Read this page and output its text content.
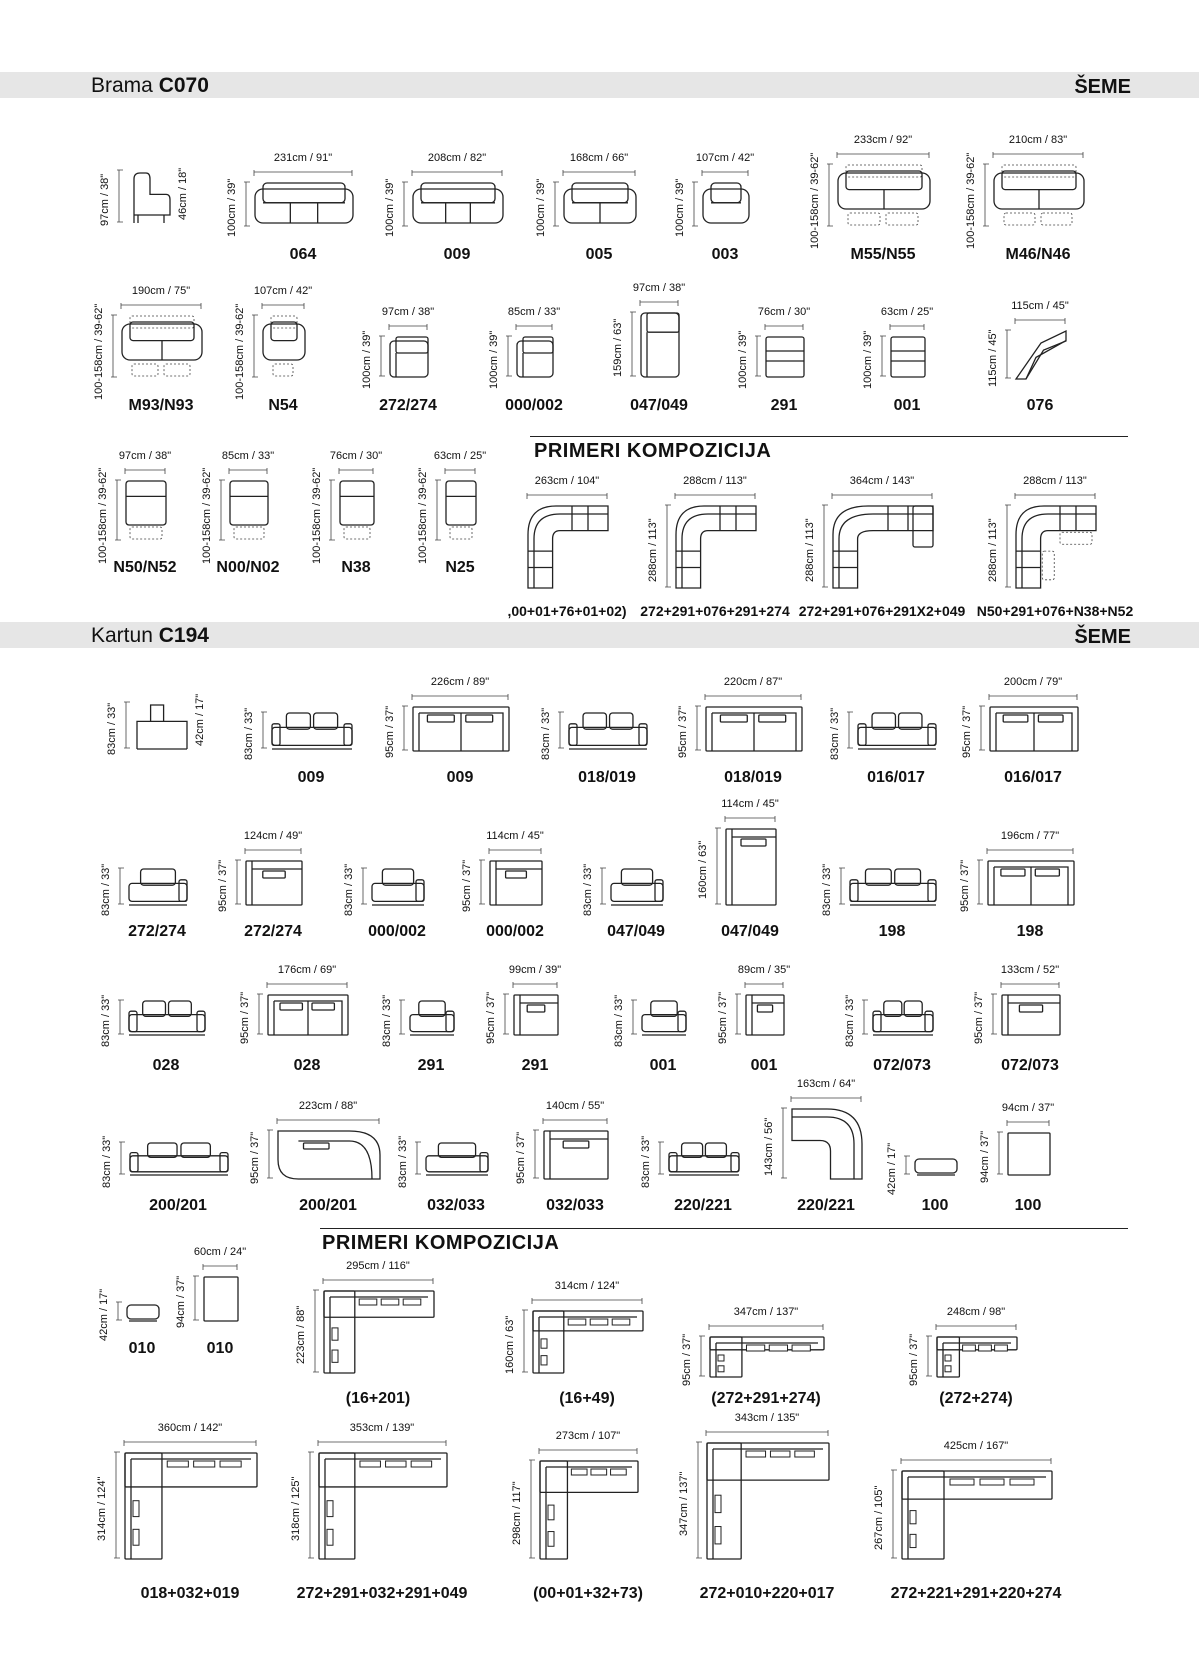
Brama C070	ŠEME
Kartun C194	ŠEME
PRIMERI KOMPOZICIJA
PRIMERI KOMPOZICIJA
97cm / 38"	46cm / 18"
231cm / 91"
100cm / 39"
064
208cm / 82"
100cm / 39"
009
168cm / 66"
100cm / 39"
005
107cm / 42"
100cm / 39"
003
233cm / 92"
100-158cm / 39-62"
M55/N55
210cm / 83"
100-158cm / 39-62"
M46/N46
190cm / 75"
100-158cm / 39-62"
M93/N93
107cm / 42"
100-158cm / 39-62"
N54
97cm / 38"
100cm / 39"
272/274
85cm / 33"
100cm / 39"
000/002
97cm / 38"
159cm / 63"
047/049
76cm / 30"
100cm / 39"
291
63cm / 25"
100cm / 39"
001
115cm / 45"
115cm / 45"
076
97cm / 38"
100-158cm / 39-62"
N50/N52
85cm / 33"
100-158cm / 39-62"
N00/N02
76cm / 30"
100-158cm / 39-62"
N38
63cm / 25"
100-158cm / 39-62"
N25
263cm / 104"
,00+01+76+01+02)
288cm / 113"
288cm / 113"
272+291+076+291+274
364cm / 143"
288cm / 113"
272+291+076+291X2+049
288cm / 113"
288cm / 113"
N50+291+076+N38+N52
83cm / 33"	42cm / 17"	83cm / 33"
009
226cm / 89"
95cm / 37"
009
83cm / 33"
018/019
220cm / 87"
95cm / 37"
018/019
83cm / 33"
016/017
200cm / 79"
95cm / 37"
016/017
83cm / 33"
272/274
124cm / 49"
95cm / 37"
272/274
83cm / 33"
000/002
114cm / 45"
95cm / 37"
000/002
83cm / 33"
047/049
114cm / 45"
160cm / 63"
047/049
83cm / 33"
198
196cm / 77"
95cm / 37"
198
83cm / 33"
028
176cm / 69"
95cm / 37"
028
83cm / 33"
291
99cm / 39"
95cm / 37"
291
83cm / 33"
001
89cm / 35"
95cm / 37"
001
83cm / 33"
072/073
133cm / 52"
95cm / 37"
072/073
83cm / 33"
200/201
223cm / 88"
95cm / 37"
200/201
83cm / 33"
032/033
140cm / 55"
95cm / 37"
032/033
83cm / 33"
220/221
163cm / 64"
143cm / 56"
220/221
42cm / 17"
100
94cm / 37"
94cm / 37"
100
42cm / 17"
010
60cm / 24"
94cm / 37"
010
295cm / 116"
223cm / 88"
(16+201)
314cm / 124"
160cm / 63"
(16+49)
347cm / 137"
95cm / 37"
(272+291+274)
248cm / 98"
95cm / 37"
(272+274)
360cm / 142"
314cm / 124"
018+032+019
353cm / 139"
318cm / 125"
272+291+032+291+049
273cm / 107"
298cm / 117"
(00+01+32+73)
343cm / 135"
347cm / 137"
272+010+220+017
425cm / 167"
267cm / 105"
272+221+291+220+274
